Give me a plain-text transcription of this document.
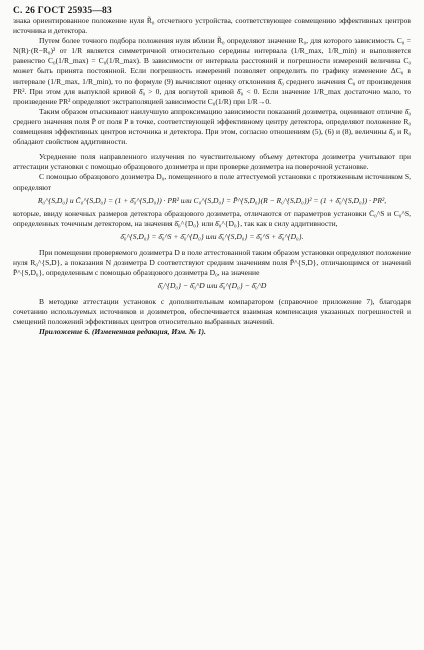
С. 26 ГОСТ 25935—83

знака ориентированное положение нуля R̃₀ отсчетного устройства, соответствующее совмещению эффективных центров источника и детектора.

Путем более точного подбора положения нуля вблизи R̃₀ определяют значение R₀, для которого зависимость C₀ = N(R)·(R−R₀)² от 1/R является симметричной относительно середины интервала (1/R_max, 1/R_min) и выполняется равенство C₀(1/R_max) = C₀(1/R_max). В зависимости от интервала расстояний и погрешности измерений величина C₀ может быть принята постоянной. Если погрешность измерений позволяет определить по графику изменение ΔC₀ в интервале (1/R_max, 1/R_min), то по формуле (9) вычисляют оценку отклонения δ̄₀ среднего значения C̄₀ от произведения PR². При этом для выпуклой кривой δ̄₀ > 0, для вогнутой кривой δ̄₀ < 0. Если значение 1/R_max достаточно мало, то произведение PR² определяют экстраполяцией зависимости C₀(1/R) при 1/R→0.

Таким образом отыскивают наилучшую аппроксимацию зависимости показаний дозиметра, оценивают отличие δ̄₀ среднего значения поля P̄ от поля P в точке, соответствующей эффективному центру детектора, определяют положение R₀ совмещения эффективных центров источника и детектора. При этом, согласно отношениям (5), (6) и (8), величины δ̄₀ и R₀ обладают свойством аддитивности.

Усреднение поля направленного излучения по чувствительному объему детектора дозиметра учитывают при аттестации установки с помощью образцового дозиметра и при проверке дозиметра на поверочной установке.

С помощью образцового дозиметра D₀, помещенного в поле аттестуемой установки с протяженным источником S, определяют

R₀^{S,D₀} и C̄₀^{S,D₀} = (1 + δ̄₀^{S,D₀}) · PR² или C₀^{S,D₀} = P̄^{S,D₀}(R − R₀^{S,D₀})² = (1 + δ̄₀^{S,D₀}) · PR²,

которые, ввиду конечных размеров детектора образцового дозиметра, отличаются от параметров установки C̄₀^S и C₀^S, определенных точечным детектором, на значения δ̄₀^{D₀} или δ̄₀^{D₀}, так как в силу аддитивности,

δ̄₀^{S,D₀} = δ̄₀^S + δ̄₀^{D₀} или δ̄₀^{S,D₀} = δ̄₀^S + δ̄₀^{D₀}.

При помещении проверяемого дозиметра D в поле аттестованной таким образом установки определяют положение нуля R₀^{S,D}, а показания N дозиметра D соответствуют средним значениям поля P̄^{S,D}, отличающимся от значений P̄^{S,D₀}, определенным с помощью образцового дозиметра D₀, на значение

δ̄₀^{D₀} − δ̄₀^D или δ̄₀^{D₀} − δ̄₀^D

В методике аттестации установок с дополнительным компаратором (справочное приложение 7), благодаря сочетанию используемых источников и дозиметров, обеспечивается взаимная компенсация указанных погрешностей и смещений положений эффективных центров относительно выбранных значений.

Приложение 6. (Измененная редакция, Изм. № 1).
